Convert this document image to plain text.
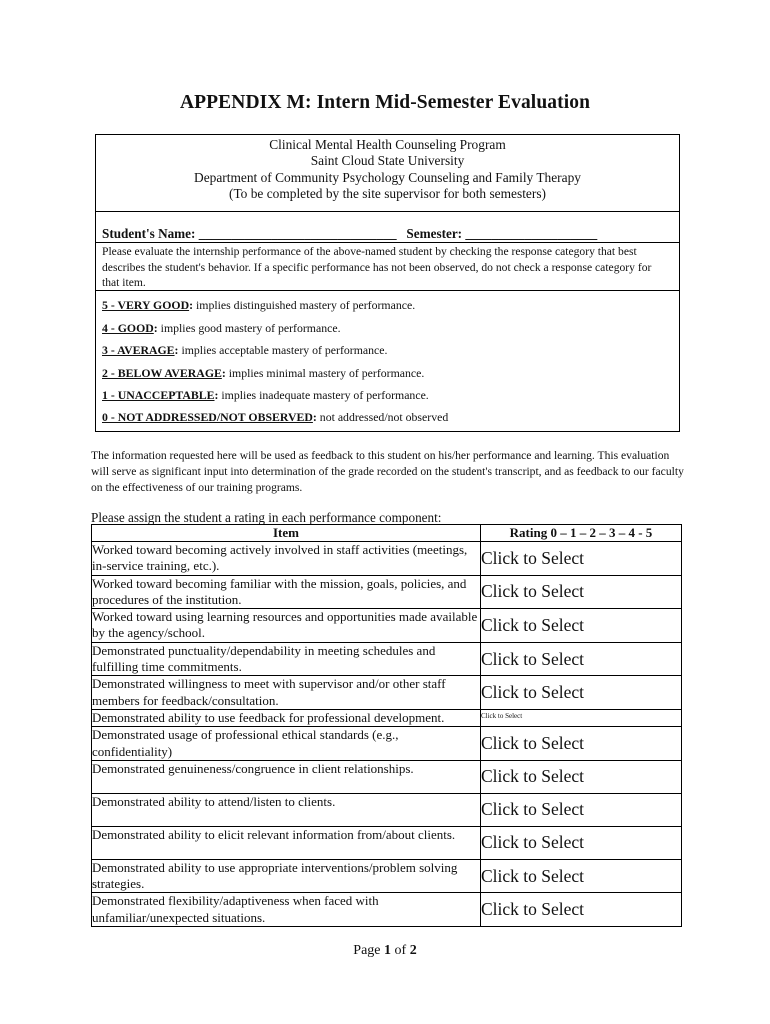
APPENDIX M: Intern Mid-Semester Evaluation
Clinical Mental Health Counseling Program
Saint Cloud State University
Department of Community Psychology Counseling and Family Therapy
(To be completed by the site supervisor for both semesters)
Student's Name: ______________________________   Semester: ____________________
Please evaluate the internship performance of the above-named student by checking the response category that best describes the student's behavior. If a specific performance has not been observed, do not check a response category for that item.
5 - VERY GOOD: implies distinguished mastery of performance.
4 - GOOD: implies good mastery of performance.
3 - AVERAGE: implies acceptable mastery of performance.
2 - BELOW AVERAGE: implies minimal mastery of performance.
1 - UNACCEPTABLE: implies inadequate mastery of performance.
0 - NOT ADDRESSED/NOT OBSERVED: not addressed/not observed
The information requested here will be used as feedback to this student on his/her performance and learning. This evaluation will serve as significant input into determination of the grade recorded on the student's transcript, and as feedback to our faculty on the effectiveness of our training programs.
Please assign the student a rating in each performance component:
Item	Rating 0 – 1 – 2 – 3 – 4 - 5
Worked toward becoming actively involved in staff activities (meetings, in-service training, etc.).	Click to Select
Worked toward becoming familiar with the mission, goals, policies, and procedures of the institution.	Click to Select
Worked toward using learning resources and opportunities made available by the agency/school.	Click to Select
Demonstrated punctuality/dependability in meeting schedules and fulfilling time commitments.	Click to Select
Demonstrated willingness to meet with supervisor and/or other staff members for feedback/consultation.	Click to Select
Demonstrated ability to use feedback for professional development.	Click to Select
Demonstrated usage of professional ethical standards (e.g., confidentiality)	Click to Select
Demonstrated genuineness/congruence in client relationships.	Click to Select
Demonstrated ability to attend/listen to clients.	Click to Select
Demonstrated ability to elicit relevant information from/about clients.	Click to Select
Demonstrated ability to use appropriate interventions/problem solving strategies.	Click to Select
Demonstrated flexibility/adaptiveness when faced with unfamiliar/unexpected situations.	Click to Select
Page 1 of 2
